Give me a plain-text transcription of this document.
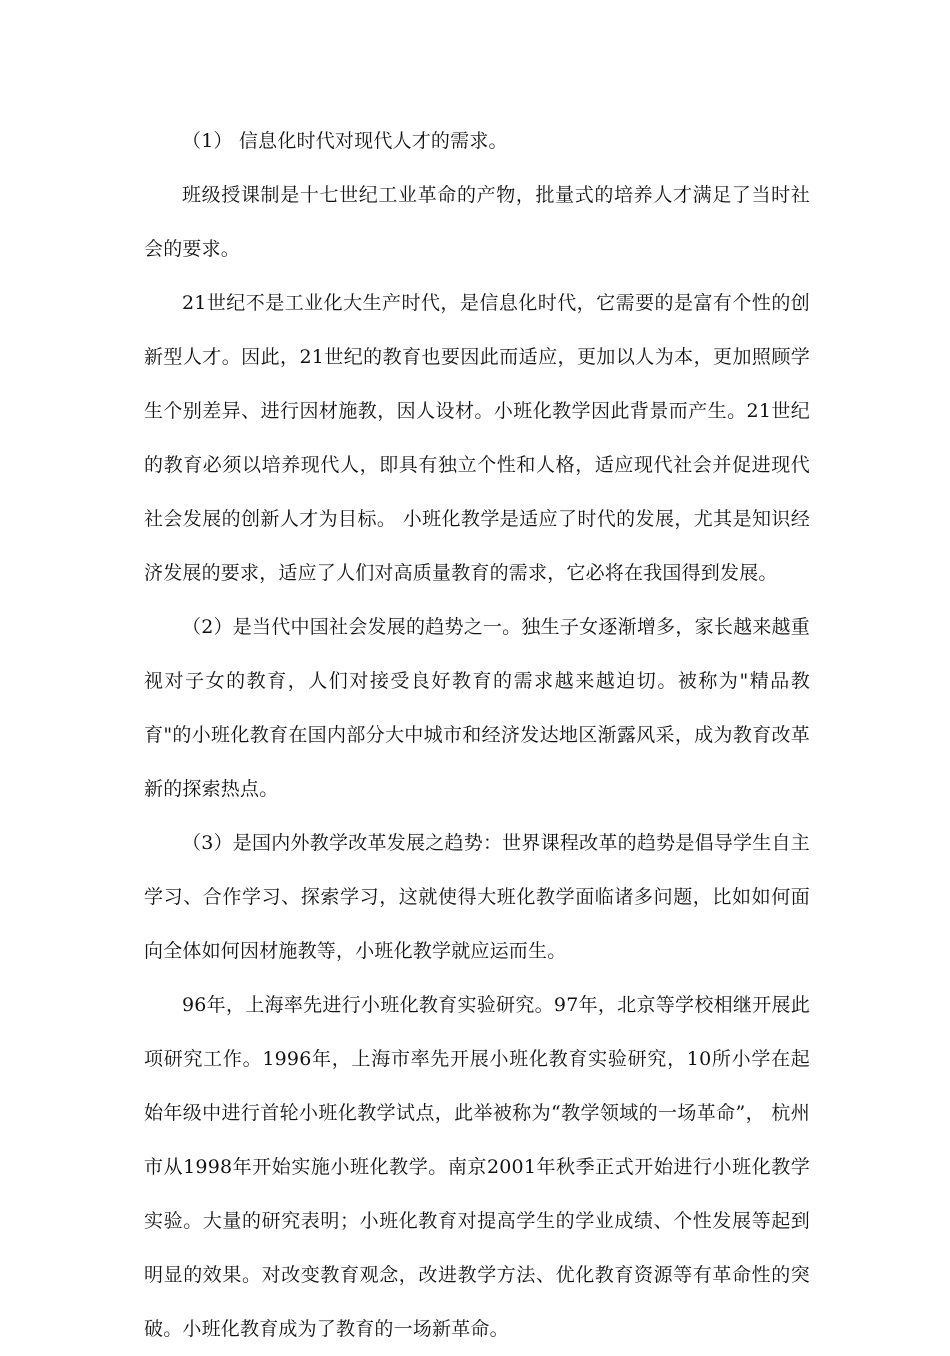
（1） 信息化时代对现代人才的需求。

班级授课制是十七世纪工业革命的产物，批量式的培养人才满足了当时社会的要求。

21世纪不是工业化大生产时代，是信息化时代，它需要的是富有个性的创新型人才。因此，21世纪的教育也要因此而适应，更加以人为本，更加照顾学生个别差异、进行因材施教，因人设材。小班化教学因此背景而产生。21世纪的教育必须以培养现代人，即具有独立个性和人格，适应现代社会并促进现代社会发展的创新人才为目标。 小班化教学是适应了时代的发展，尤其是知识经济发展的要求，适应了人们对高质量教育的需求，它必将在我国得到发展。

（2）是当代中国社会发展的趋势之一。独生子女逐渐增多，家长越来越重视对子女的教育，人们对接受良好教育的需求越来越迫切。被称为"精品教育"的小班化教育在国内部分大中城市和经济发达地区渐露风采，成为教育改革新的探索热点。

（3）是国内外教学改革发展之趋势：世界课程改革的趋势是倡导学生自主学习、合作学习、探索学习，这就使得大班化教学面临诸多问题，比如如何面向全体如何因材施教等，小班化教学就应运而生。

96年，上海率先进行小班化教育实验研究。97年，北京等学校相继开展此项研究工作。1996年，上海市率先开展小班化教育实验研究，10所小学在起始年级中进行首轮小班化教学试点，此举被称为“教学领域的一场革命”， 杭州市从1998年开始实施小班化教学。南京2001年秋季正式开始进行小班化教学实验。大量的研究表明；小班化教育对提高学生的学业成绩、个性发展等起到明显的效果。对改变教育观念，改进教学方法、优化教育资源等有革命性的突破。小班化教育成为了教育的一场新革命。
